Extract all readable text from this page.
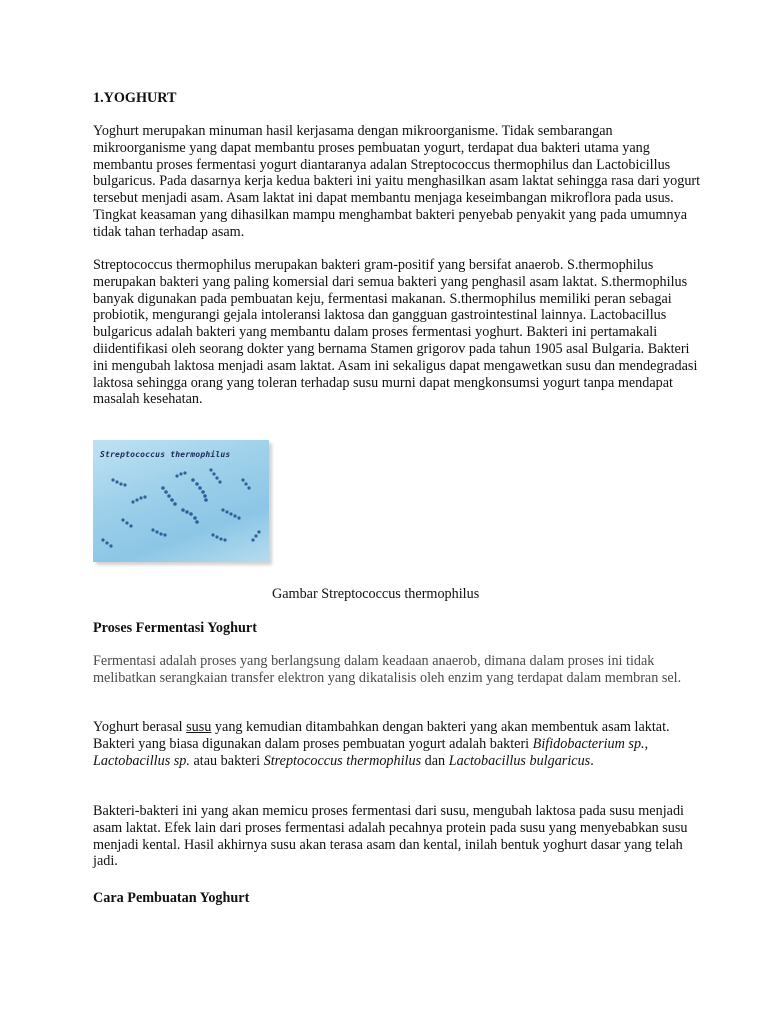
1.YOGHURT

Yoghurt merupakan minuman hasil kerjasama dengan mikroorganisme. Tidak sembarangan mikroorganisme yang dapat membantu proses pembuatan yogurt, terdapat dua bakteri utama yang membantu proses fermentasi yogurt diantaranya adalan Streptococcus thermophilus dan Lactobicillus bulgaricus. Pada dasarnya kerja kedua bakteri ini yaitu menghasilkan asam laktat sehingga rasa dari yogurt tersebut menjadi asam. Asam laktat ini dapat membantu menjaga keseimbangan mikroflora pada usus. Tingkat keasaman yang dihasilkan mampu menghambat bakteri penyebab penyakit yang pada umumnya tidak tahan terhadap asam.

Streptococcus thermophilus merupakan bakteri gram-positif yang bersifat anaerob. S.thermophilus merupakan bakteri yang paling komersial dari semua bakteri yang penghasil asam laktat. S.thermophilus banyak digunakan pada pembuatan keju, fermentasi makanan. S.thermophilus memiliki peran sebagai probiotik, mengurangi gejala intoleransi laktosa dan gangguan gastrointestinal lainnya. Lactobacillus bulgaricus adalah bakteri yang membantu dalam proses fermentasi yoghurt. Bakteri ini pertamakali diidentifikasi oleh seorang dokter yang bernama Stamen grigorov pada tahun 1905 asal Bulgaria. Bakteri ini mengubah laktosa menjadi asam laktat. Asam ini sekaligus dapat mengawetkan susu dan mendegradasi laktosa sehingga orang yang toleran terhadap susu murni dapat mengkonsumsi yogurt tanpa mendapat masalah kesehatan.

Streptococcus thermophilus

Gambar Streptococcus thermophilus

Proses Fermentasi Yoghurt

Fermentasi adalah proses yang berlangsung dalam keadaan anaerob, dimana dalam proses ini tidak melibatkan serangkaian transfer elektron yang dikatalisis oleh enzim yang terdapat dalam membran sel.

Yoghurt berasal susu yang kemudian ditambahkan dengan bakteri yang akan membentuk asam laktat. Bakteri yang biasa digunakan dalam proses pembuatan yogurt adalah bakteri Bifidobacterium sp., Lactobacillus sp. atau bakteri Streptococcus thermophilus dan Lactobacillus bulgaricus.

Bakteri-bakteri ini yang akan memicu proses fermentasi dari susu, mengubah laktosa pada susu menjadi asam laktat. Efek lain dari proses fermentasi adalah pecahnya protein pada susu yang menyebabkan susu menjadi kental. Hasil akhirnya susu akan terasa asam dan kental, inilah bentuk yoghurt dasar yang telah jadi.

Cara Pembuatan Yoghurt
